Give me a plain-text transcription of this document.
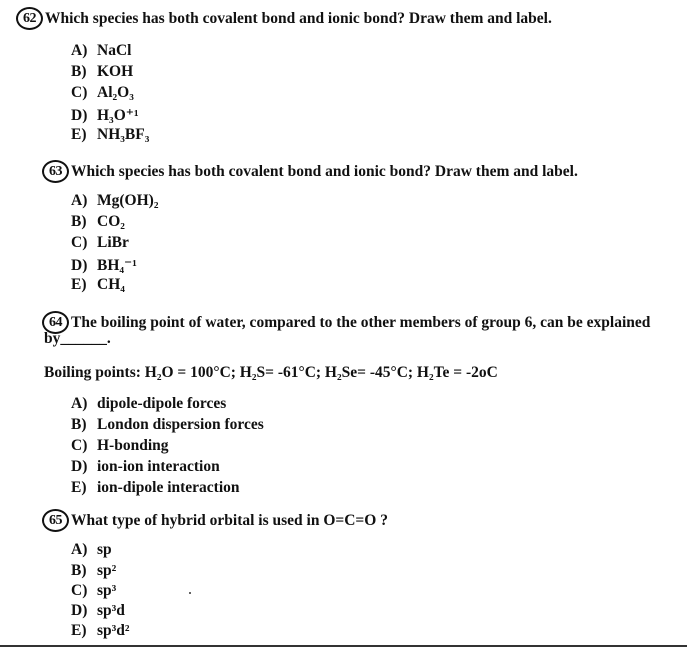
62 Which species has both covalent bond and ionic bond? Draw them and label.
A) NaCl
B) KOH
C) Al₂O₃
D) H₃O⁺¹
E) NH₃BF₃
63 Which species has both covalent bond and ionic bond? Draw them and label.
A) Mg(OH)₂
B) CO₂
C) LiBr
D) BH₄⁻¹
E) CH₄
64 The boiling point of water, compared to the other members of group 6, can be explained
by______.
Boiling points: H₂O = 100°C; H₂S= -61°C; H₂Se= -45°C; H₂Te = -2oC
A) dipole-dipole forces
B) London dispersion forces
C) H-bonding
D) ion-ion interaction
E) ion-dipole interaction
65 What type of hybrid orbital is used in O=C=O ?
A) sp
B) sp²
C) sp³
D) sp³d
E) sp³d²
